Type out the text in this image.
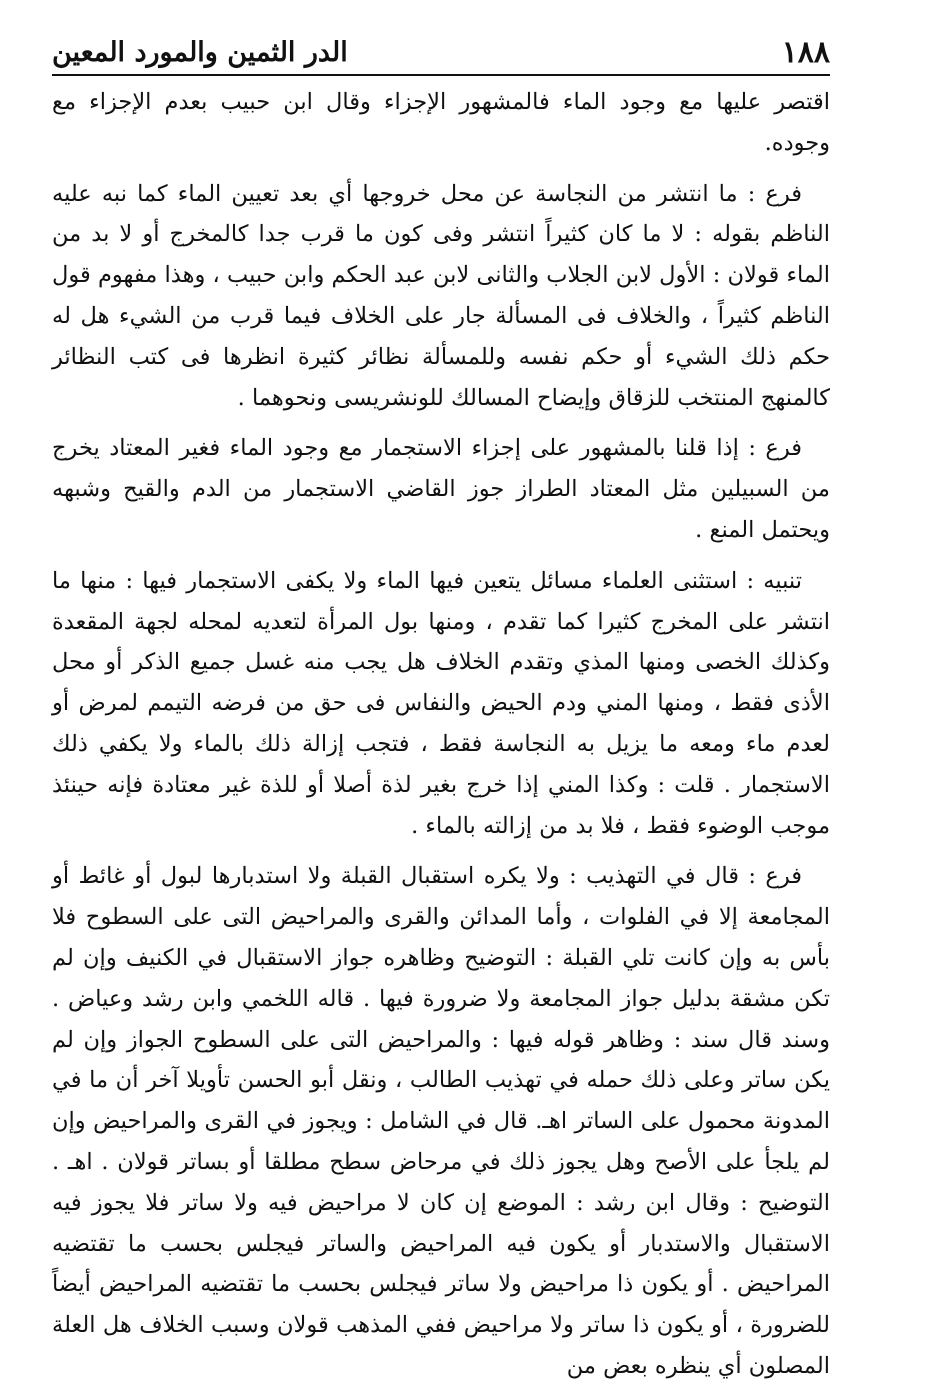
١٨٨
الدر الثمين والمورد المعين

اقتصر عليها مع وجود الماء فالمشهور الإجزاء وقال ابن حبيب بعدم الإجزاء مع وجوده.

فرع : ما انتشر من النجاسة عن محل خروجها أي بعد تعيين الماء كما نبه عليه الناظم بقوله : لا ما كان كثيراً انتشر وفى كون ما قرب جدا كالمخرج أو لا بد من الماء قولان : الأول لابن الجلاب والثانى لابن عبد الحكم وابن حبيب ، وهذا مفهوم قول الناظم كثيراً ، والخلاف فى المسألة جار على الخلاف فيما قرب من الشيء هل له حكم ذلك الشيء أو حكم نفسه وللمسألة نظائر كثيرة انظرها فى كتب النظائر كالمنهج المنتخب للزقاق وإيضاح المسالك للونشريسى ونحوهما .

فرع : إذا قلنا بالمشهور على إجزاء الاستجمار مع وجود الماء فغير المعتاد يخرج من السبيلين مثل المعتاد الطراز جوز القاضي الاستجمار من الدم والقيح وشبهه ويحتمل المنع .

تنبيه : استثنى العلماء مسائل يتعين فيها الماء ولا يكفى الاستجمار فيها : منها ما انتشر على المخرج كثيرا كما تقدم ، ومنها بول المرأة لتعديه لمحله لجهة المقعدة وكذلك الخصى ومنها المذي وتقدم الخلاف هل يجب منه غسل جميع الذكر أو محل الأذى فقط ، ومنها المني ودم الحيض والنفاس فى حق من فرضه التيمم لمرض أو لعدم ماء ومعه ما يزيل به النجاسة فقط ، فتجب إزالة ذلك بالماء ولا يكفي ذلك الاستجمار . قلت : وكذا المني إذا خرج بغير لذة أصلا أو للذة غير معتادة فإنه حينئذ موجب الوضوء فقط ، فلا بد من إزالته بالماء .

فرع : قال في التهذيب : ولا يكره استقبال القبلة ولا استدبارها لبول أو غائط أو المجامعة إلا في الفلوات ، وأما المدائن والقرى والمراحيض التى على السطوح فلا بأس به وإن كانت تلي القبلة : التوضيح وظاهره جواز الاستقبال في الكنيف وإن لم تكن مشقة بدليل جواز المجامعة ولا ضرورة فيها . قاله اللخمي وابن رشد وعياض . وسند قال سند : وظاهر قوله فيها : والمراحيض التى على السطوح الجواز وإن لم يكن ساتر وعلى ذلك حمله في تهذيب الطالب ، ونقل أبو الحسن تأويلا آخر أن ما في المدونة محمول على الساتر اهـ. قال في الشامل : ويجوز في القرى والمراحيض وإن لم يلجأ على الأصح وهل يجوز ذلك في مرحاض سطح مطلقا أو بساتر قولان . اهـ . التوضيح : وقال ابن رشد : الموضع إن كان لا مراحيض فيه ولا ساتر فلا يجوز فيه الاستقبال والاستدبار أو يكون فيه المراحيض والساتر فيجلس بحسب ما تقتضيه المراحيض . أو يكون ذا مراحيض ولا ساتر فيجلس بحسب ما تقتضيه المراحيض أيضاً للضرورة ، أو يكون ذا ساتر ولا مراحيض ففي المذهب قولان وسبب الخلاف هل العلة المصلون أي ينظره بعض من
